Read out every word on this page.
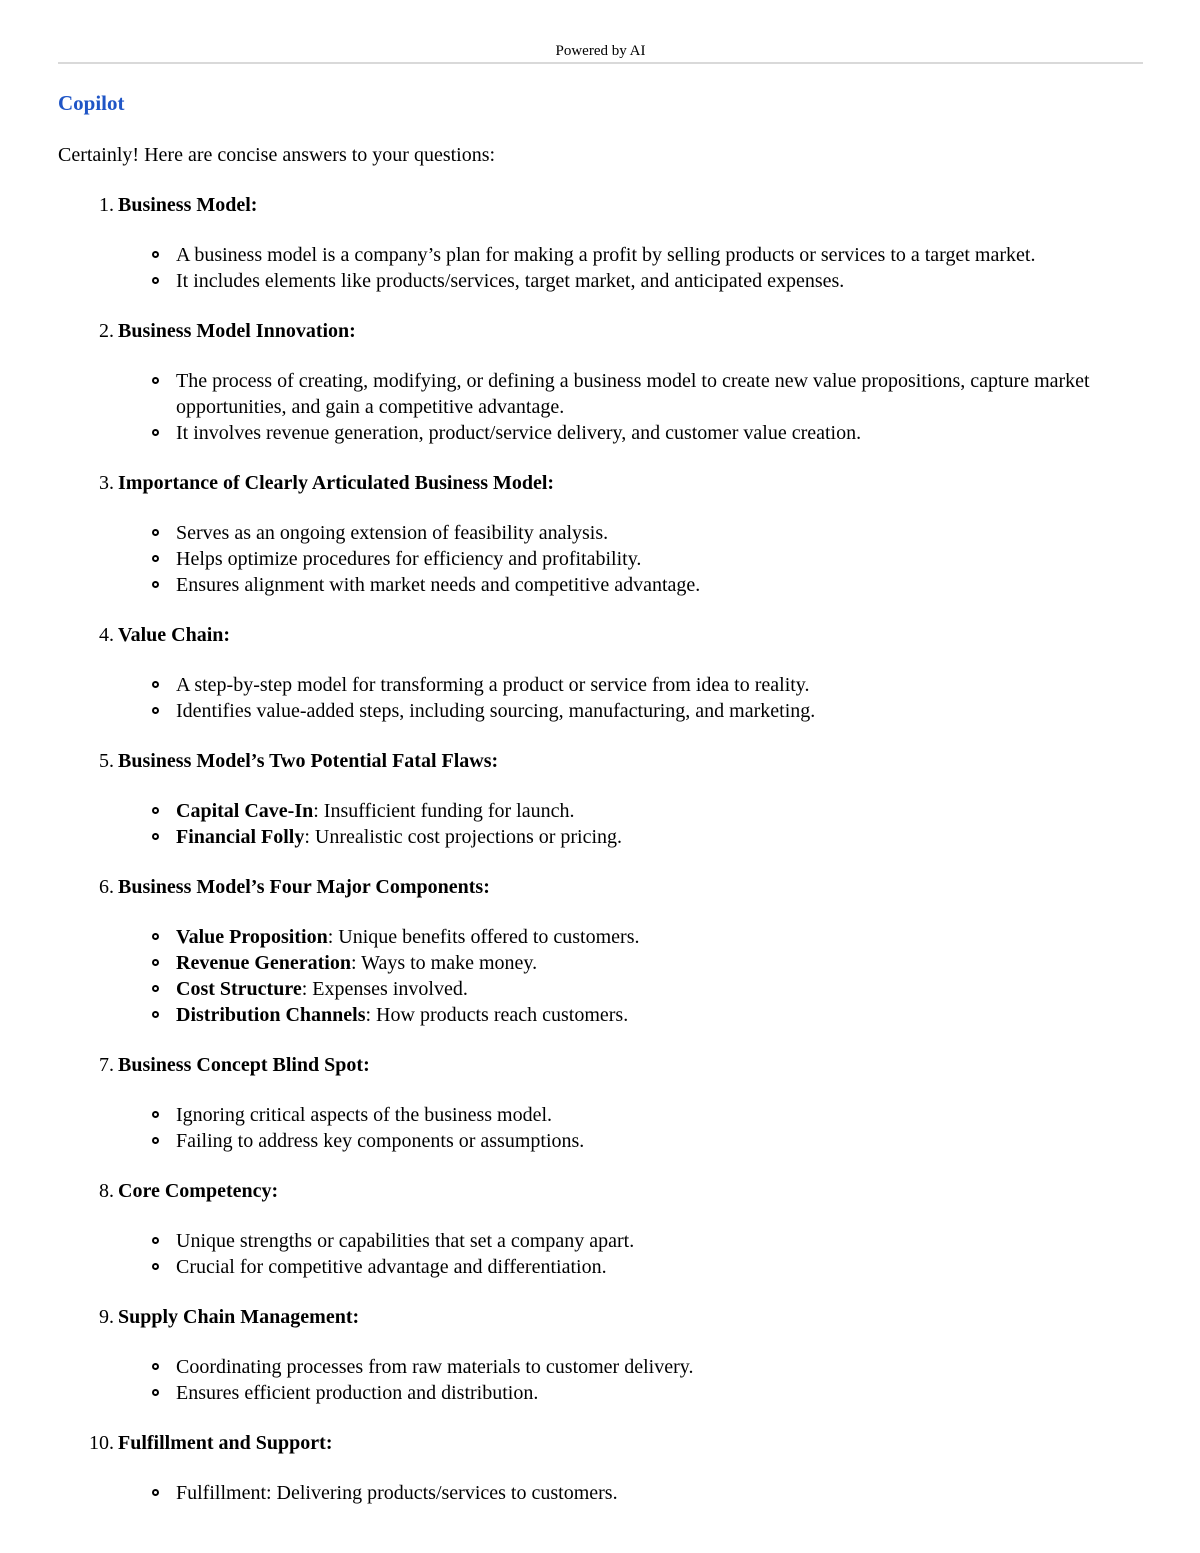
Powered by AI
Copilot
Certainly! Here are concise answers to your questions:
1. Business Model:
A business model is a company’s plan for making a profit by selling products or services to a target market.
It includes elements like products/services, target market, and anticipated expenses.
2. Business Model Innovation:
The process of creating, modifying, or defining a business model to create new value propositions, capture market opportunities, and gain a competitive advantage.
It involves revenue generation, product/service delivery, and customer value creation.
3. Importance of Clearly Articulated Business Model:
Serves as an ongoing extension of feasibility analysis.
Helps optimize procedures for efficiency and profitability.
Ensures alignment with market needs and competitive advantage.
4. Value Chain:
A step-by-step model for transforming a product or service from idea to reality.
Identifies value-added steps, including sourcing, manufacturing, and marketing.
5. Business Model’s Two Potential Fatal Flaws:
Capital Cave-In: Insufficient funding for launch.
Financial Folly: Unrealistic cost projections or pricing.
6. Business Model’s Four Major Components:
Value Proposition: Unique benefits offered to customers.
Revenue Generation: Ways to make money.
Cost Structure: Expenses involved.
Distribution Channels: How products reach customers.
7. Business Concept Blind Spot:
Ignoring critical aspects of the business model.
Failing to address key components or assumptions.
8. Core Competency:
Unique strengths or capabilities that set a company apart.
Crucial for competitive advantage and differentiation.
9. Supply Chain Management:
Coordinating processes from raw materials to customer delivery.
Ensures efficient production and distribution.
10. Fulfillment and Support:
Fulfillment: Delivering products/services to customers.
